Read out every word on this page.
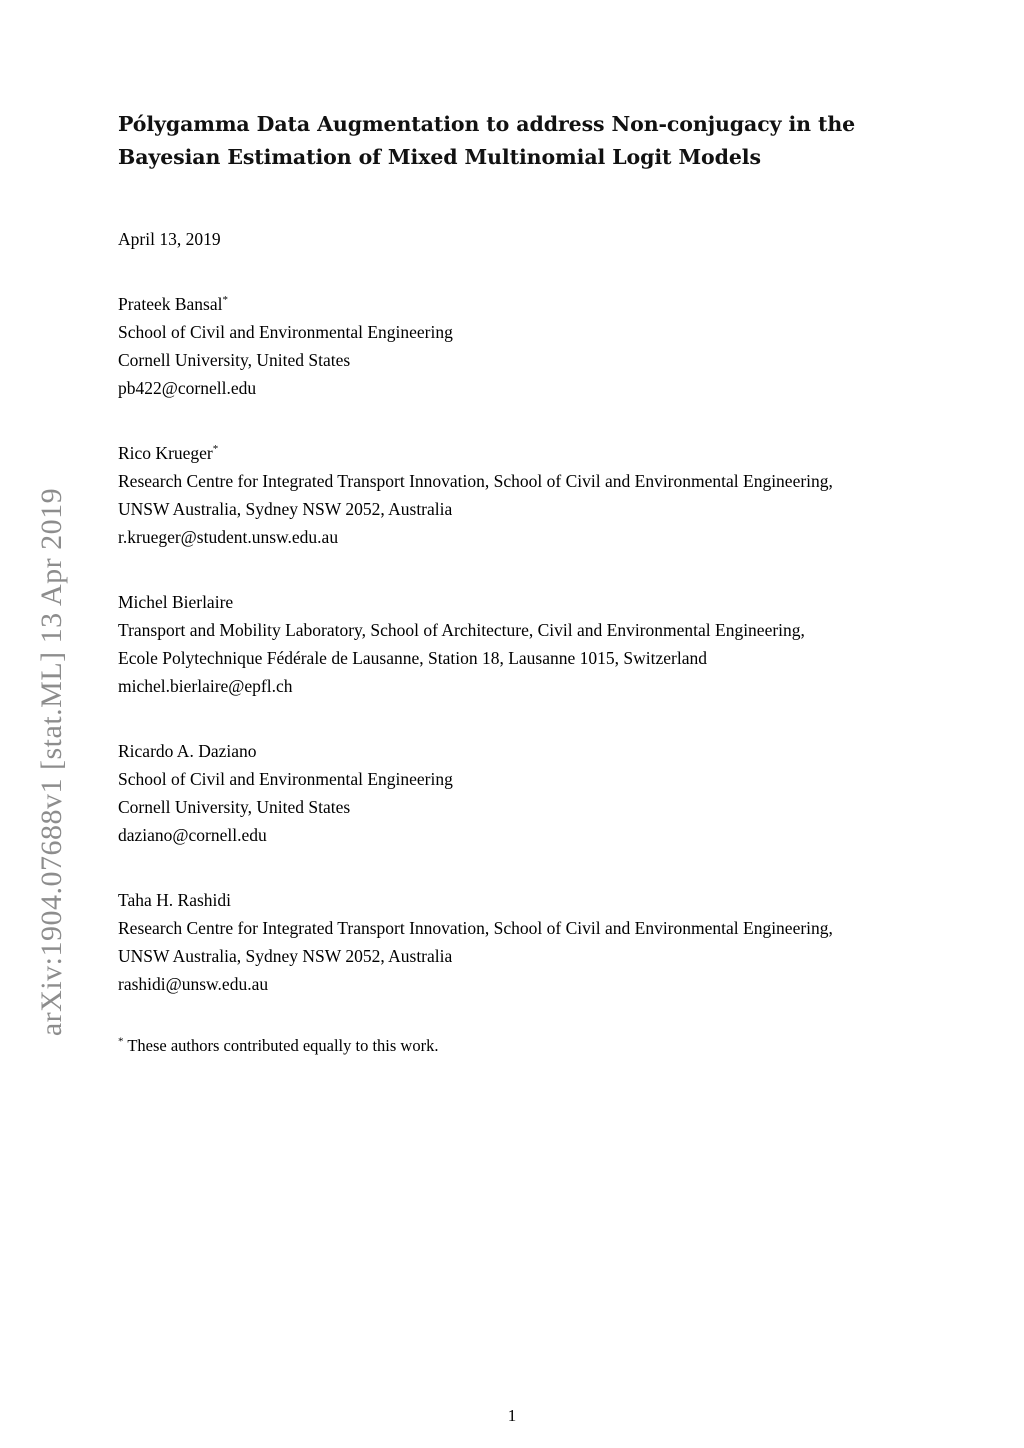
arXiv:1904.07688v1 [stat.ML] 13 Apr 2019
Pólygamma Data Augmentation to address Non-conjugacy in the Bayesian Estimation of Mixed Multinomial Logit Models
April 13, 2019
Prateek Bansal*
School of Civil and Environmental Engineering
Cornell University, United States
pb422@cornell.edu
Rico Krueger*
Research Centre for Integrated Transport Innovation, School of Civil and Environmental Engineering,
UNSW Australia, Sydney NSW 2052, Australia
r.krueger@student.unsw.edu.au
Michel Bierlaire
Transport and Mobility Laboratory, School of Architecture, Civil and Environmental Engineering,
Ecole Polytechnique Fédérale de Lausanne, Station 18, Lausanne 1015, Switzerland
michel.bierlaire@epfl.ch
Ricardo A. Daziano
School of Civil and Environmental Engineering
Cornell University, United States
daziano@cornell.edu
Taha H. Rashidi
Research Centre for Integrated Transport Innovation, School of Civil and Environmental Engineering,
UNSW Australia, Sydney NSW 2052, Australia
rashidi@unsw.edu.au
* These authors contributed equally to this work.
1
